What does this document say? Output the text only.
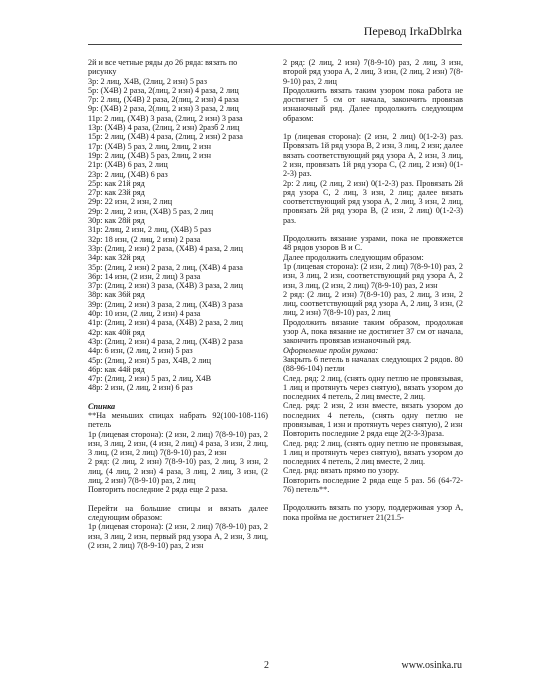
Перевод IrkaDblrka
2й и все четные ряды до 26 ряда: вязать по
рисунку
3р: 2 лиц, Х4В, (2лиц, 2 изн) 5 раз
5р: (Х4В) 2 раза, 2(лиц, 2 изн) 4 раза, 2 лиц
7р: 2 лиц, (Х4В) 2 раза, 2(лиц, 2 изн) 4 раза
9р: (Х4В) 2 раза, 2(лиц, 2 изн) 3 раза, 2 лиц
11р: 2 лиц, (Х4В) 3 раза, (2лиц, 2 изн) 3 раза
13р: (Х4В) 4 раза, (2лиц, 2 изн) 2разб 2 лиц
15р: 2 лиц, (Х4В) 4 раза, (2лиц, 2 изн) 2 раза
17р: (Х4В) 5 раз, 2 лиц, 2лиц, 2 изн
19р: 2 лиц, (Х4В) 5 раз, 2лиц, 2 изн
21р: (Х4В) 6 раз, 2 лиц
23р: 2 лиц, (Х4В) 6 раз
25р: как 21й ряд
27р: как 23й ряд
29р: 22 изн, 2 изн, 2 лиц
29р: 2 лиц, 2 изн, (Х4В) 5 раз, 2 лиц
30р: как 28й ряд
31р: 2лиц, 2 изн, 2 лиц, (Х4В) 5 раз
32р: 18 изн, (2 лиц, 2 изн) 2 раза
33р: (2лиц, 2 изн) 2 раза, (Х4В) 4 раза, 2 лиц
34р: как 32й ряд
35р: (2лиц, 2 изн) 2 раза, 2 лиц, (Х4В) 4 раза
36р: 14 изн, (2 изн, 2 лиц) 3 раза
37р: (2лиц, 2 изн) 3 раза, (Х4В) 3 раза, 2 лиц
38р: как 36й ряд
39р: (2лиц, 2 изн) 3 раза, 2 лиц, (Х4В) 3 раза
40р: 10 изн, (2 лиц, 2 изн) 4 раза
41р: (2лиц, 2 изн) 4 раза, (Х4В) 2 раза, 2 лиц
42р: как 40й ряд
43р: (2лиц, 2 изн) 4 раза, 2 лиц, (Х4В) 2 раза
44р: 6 изн, (2 лиц, 2 изн) 5 раз
45р: (2лиц, 2 изн) 5 раз, Х4В, 2 лиц
46р: как 44й ряд
47р: (2лиц, 2 изн) 5 раз, 2 лиц, Х4В
48р: 2 изн, (2 лиц, 2 изн) 6 раз
Спинка
**На меньших спицах набрать 92(100-108-116) петель
1р (лицевая сторона): (2 изн, 2 лиц) 7(8-9-10) раз, 2 изн, 3 лиц, 2 изн, (4 изн, 2 лиц) 4 раза, 3 изн, 2 лиц, 3 лиц, (2 изн, 2 лиц) 7(8-9-10) раз, 2 изн
2 ряд: (2 лиц, 2 изн) 7(8-9-10) раз, 2 лиц, 3 изн, 2 лиц, (4 лиц, 2 изн) 4 раза, 3 лиц, 2 лиц, 3 изн, (2 лиц, 2 изн) 7(8-9-10) раз, 2 лиц
Повторить последние 2 ряда еще 2 раза.
Перейти на большие спицы и вязать далее следующим образом:
1р (лицевая сторона): (2 изн, 2 лиц) 7(8-9-10) раз, 2 изн, 3 лиц, 2 изн, первый ряд узора А, 2 изн, 3 лиц, (2 изн, 2 лиц) 7(8-9-10) раз, 2 изн
2 ряд: (2 лиц, 2 изн) 7(8-9-10) раз, 2 лиц, 3 изн, второй ряд узора А, 2 лиц, 3 изн, (2 лиц, 2 изн) 7(8-9-10) раз, 2 лиц
Продолжить вязать таким узором пока работа не достигнет 5 см от начала, закончить провязав изнаночный ряд. Далее продолжить следующим образом:
1р (лицевая сторона): (2 изн, 2 лиц) 0(1-2-3) раз. Провязать 1й ряд узора В, 2 изн, 3 лиц, 2 изн; далее вязать соответствующий ряд узора А, 2 изн, 3 лиц, 2 изн, провязать 1й ряд узора С, (2 лиц, 2 изн) 0(1-2-3) раз.
2р: 2 лиц, (2 лиц, 2 изн) 0(1-2-3) раз. Провязать 2й ряд узора С, 2 лиц, 3 изн, 2 лиц; далее вязать соответствующий ряд узора А, 2 лиц, 3 изн, 2 лиц, провязать 2й ряд узора В, (2 изн, 2 лиц) 0(1-2-3) раз.
Продолжить вязание узрами, пока не провяжется 48 рядов узоров В и С.
Далее продолжить следующим образом:
1р (лицевая сторона): (2 изн, 2 лиц) 7(8-9-10) раз, 2 изн, 3 лиц, 2 изн, соответствующий ряд узора А, 2 изн, 3 лиц, (2 изн, 2 лиц) 7(8-9-10) раз, 2 изн
2 ряд: (2 лиц, 2 изн) 7(8-9-10) раз, 2 лиц, 3 изн, 2 лиц, соответствующий ряд узора А, 2 лиц, 3 изн, (2 лиц, 2 изн) 7(8-9-10) раз, 2 лиц
Продолжить вязание таким образом, продолжая узор А, пока вязание не достигнет 37 см от начала, закончить провязав изнаночный ряд.
Оформление пройм рукава:
Закрыть 6 петель в началах следующих 2 рядов. 80 (88-96-104) петли
След. ряд: 2 лиц, (снять одну петлю не провязывая, 1 лиц и протянуть через снятую), вязать узором до последних 4 петель, 2 лиц вместе, 2 лиц.
След. ряд: 2 изн, 2 изн вместе, вязать узором до последних 4 петель, (снять одну петлю не провязывая, 1 изн и протянуть через снятую), 2 изн
Повторить последние 2 ряда еще 2(2-3-3)раза.
След. ряд: 2 лиц, (снять одну петлю не провязывая, 1 лиц и протянуть через снятую), вязать узором до последних 4 петель, 2 лиц вместе, 2 лиц.
След. ряд: вязать прямо по узору.
Повторить последние 2 ряда еще 5 раз. 56 (64-72-76) петель**.
Продолжить вязать по узору, поддерживая узор А, пока пройма не достигнет 21(21.5-
2	www.osinka.ru
